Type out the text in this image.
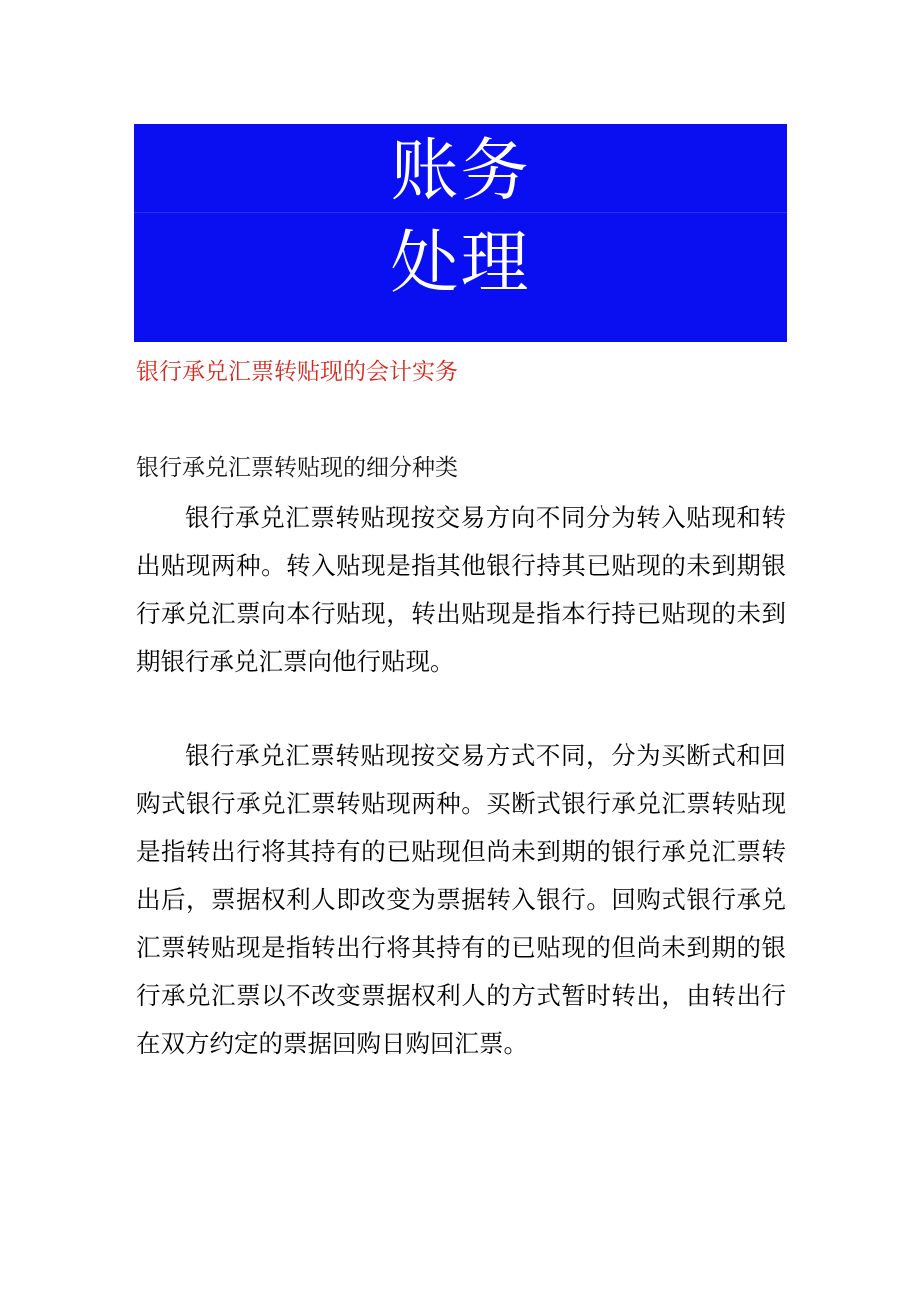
账务
处理
银行承兑汇票转贴现的会计实务
银行承兑汇票转贴现的细分种类

银行承兑汇票转贴现按交易方向不同分为转入贴现和转出贴现两种。转入贴现是指其他银行持其已贴现的未到期银行承兑汇票向本行贴现，转出贴现是指本行持已贴现的未到期银行承兑汇票向他行贴现。

银行承兑汇票转贴现按交易方式不同，分为买断式和回购式银行承兑汇票转贴现两种。买断式银行承兑汇票转贴现是指转出行将其持有的已贴现但尚未到期的银行承兑汇票转出后，票据权利人即改变为票据转入银行。回购式银行承兑汇票转贴现是指转出行将其持有的已贴现的但尚未到期的银行承兑汇票以不改变票据权利人的方式暂时转出，由转出行在双方约定的票据回购日购回汇票。
